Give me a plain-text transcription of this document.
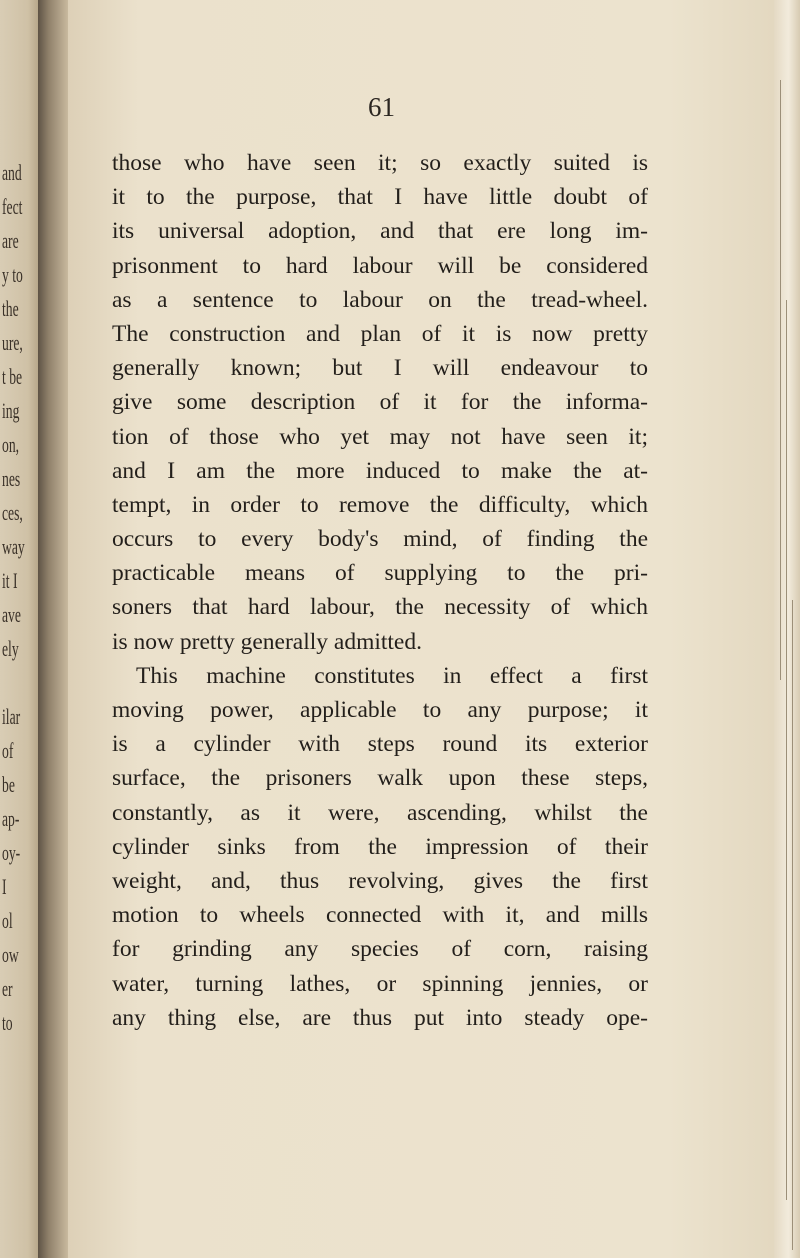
and
fect
are
y to
the
ure,
t be
ing
on,
nes
ces,
way
it I
ave
ely
ilar
of
be
ap-
oy-
I
ol
ow
er
to
61
those who have seen it; so exactly suited is
it to the purpose, that I have little doubt of
its universal adoption, and that ere long im-
prisonment to hard labour will be considered
as a sentence to labour on the tread-wheel.
The construction and plan of it is now pretty
generally known; but I will endeavour to
give some description of it for the informa-
tion of those who yet may not have seen it;
and I am the more induced to make the at-
tempt, in order to remove the difficulty, which
occurs to every body's mind, of finding the
practicable means of supplying to the pri-
soners that hard labour, the necessity of which
is now pretty generally admitted.
This machine constitutes in effect a first
moving power, applicable to any purpose; it
is a cylinder with steps round its exterior
surface, the prisoners walk upon these steps,
constantly, as it were, ascending, whilst the
cylinder sinks from the impression of their
weight, and, thus revolving, gives the first
motion to wheels connected with it, and mills
for grinding any species of corn, raising
water, turning lathes, or spinning jennies, or
any thing else, are thus put into steady ope-
